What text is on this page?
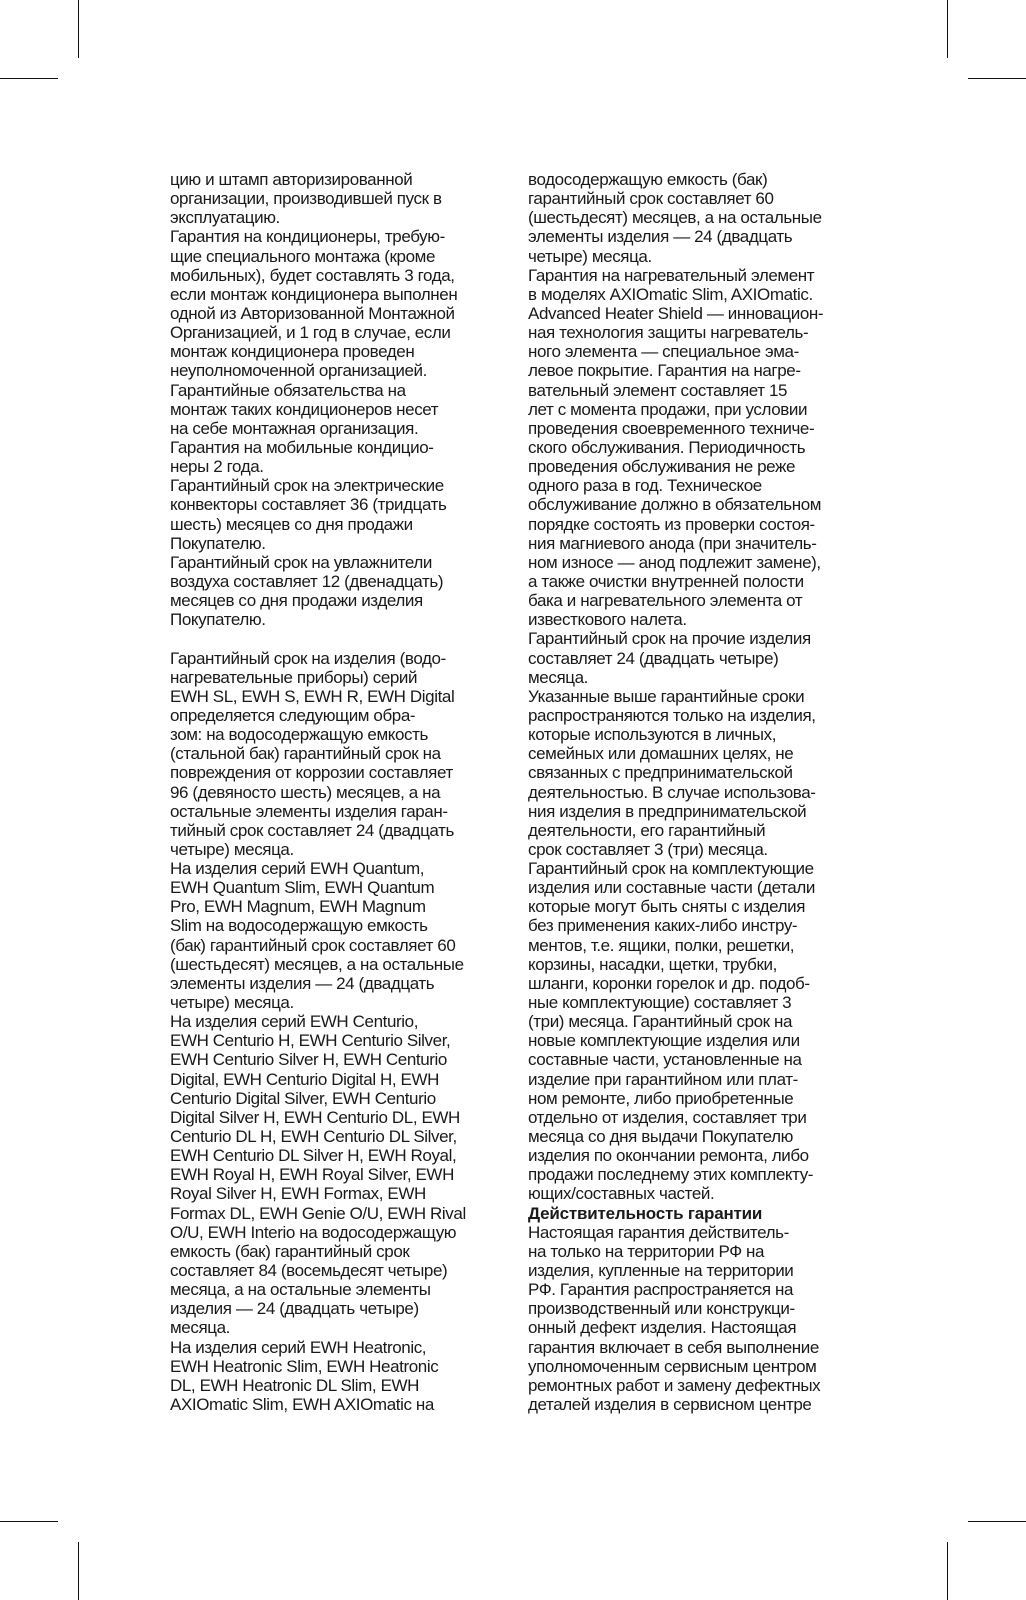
цию и штамп авторизированной
организации, производившей пуск в
эксплуатацию.
Гарантия на кондиционеры, требую-
щие специального монтажа (кроме
мобильных), будет составлять 3 года,
если монтаж кондиционера выполнен
одной из Авторизованной Монтажной
Организацией, и 1 год в случае, если
монтаж кондиционера проведен
неуполномоченной организацией.
Гарантийные обязательства на
монтаж таких кондиционеров несет
на себе монтажная организация.
Гарантия на мобильные кондицио-
неры 2 года.
Гарантийный срок на электрические
конвекторы составляет 36 (тридцать
шесть) месяцев со дня продажи
Покупателю.
Гарантийный срок на увлажнители
воздуха составляет 12 (двенадцать)
месяцев со дня продажи изделия
Покупателю.
Гарантийный срок на изделия (водо-
нагревательные приборы) серий
EWH SL, EWH S, EWH R, EWH Digital
определяется следующим обра-
зом: на водосодержащую емкость
(стальной бак) гарантийный срок на
повреждения от коррозии составляет
96 (девяносто шесть) месяцев, а на
остальные элементы изделия гаран-
тийный срок составляет 24 (двадцать
четыре) месяца.
На изделия серий EWH Quantum,
EWH Quantum Slim, EWH Quantum
Pro, EWH Magnum, EWH Magnum
Slim на водосодержащую емкость
(бак) гарантийный срок составляет 60
(шестьдесят) месяцев, а на остальные
элементы изделия — 24 (двадцать
четыре) месяца.
На изделия серий EWH Centurio,
EWH Centurio H, EWH Centurio Silver,
EWH Centurio Silver H, EWH Centurio
Digital, EWH Centurio Digital H, EWH
Centurio Digital Silver, EWH Centurio
Digital Silver H, EWH Centurio DL, EWH
Centurio DL H, EWH Centurio DL Silver,
EWH Centurio DL Silver H, EWH Royal,
EWH Royal H, EWH Royal Silver, EWH
Royal Silver H, EWH Formax, EWH
Formax DL, EWH Genie O/U, EWH Rival
O/U, EWH Interio на водосодержащую
емкость (бак) гарантийный срок
составляет 84 (восемьдесят четыре)
месяца, а на остальные элементы
изделия — 24 (двадцать четыре)
месяца.
На изделия серий EWH Heatronic,
EWH Heatronic Slim, EWH Heatronic
DL, EWH Heatronic DL Slim, EWH
AXIOmatic Slim, EWH AXIOmatic на
водосодержащую емкость (бак)
гарантийный срок составляет 60
(шестьдесят) месяцев, а на остальные
элементы изделия — 24 (двадцать
четыре) месяца.
Гарантия на нагревательный элемент
в моделях AXIOmatic Slim, AXIOmatic.
Advanced Heater Shield — инновацион-
ная технология защиты нагреватель-
ного элемента — специальное эма-
левое покрытие. Гарантия на нагре-
вательный элемент составляет 15
лет с момента продажи, при условии
проведения своевременного техниче-
ского обслуживания. Периодичность
проведения обслуживания не реже
одного раза в год. Техническое
обслуживание должно в обязательном
порядке состоять из проверки состоя-
ния магниевого анода (при значитель-
ном износе — анод подлежит замене),
а также очистки внутренней полости
бака и нагревательного элемента от
известкового налета.
Гарантийный срок на прочие изделия
составляет 24 (двадцать четыре)
месяца.
Указанные выше гарантийные сроки
распространяются только на изделия,
которые используются в личных,
семейных или домашних целях, не
связанных с предпринимательской
деятельностью. В случае использова-
ния изделия в предпринимательской
деятельности, его гарантийный
срок составляет 3 (три) месяца.
Гарантийный срок на комплектующие
изделия или составные части (детали
которые могут быть сняты с изделия
без применения каких-либо инстру-
ментов, т.е. ящики, полки, решетки,
корзины, насадки, щетки, трубки,
шланги, коронки горелок и др. подоб-
ные комплектующие) составляет 3
(три) месяца. Гарантийный срок на
новые комплектующие изделия или
составные части, установленные на
изделие при гарантийном или плат-
ном ремонте, либо приобретенные
отдельно от изделия, составляет три
месяца со дня выдачи Покупателю
изделия по окончании ремонта, либо
продажи последнему этих комплекту-
ющих/составных частей.
Действительность гарантии
Настоящая гарантия действитель-
на только на территории РФ на
изделия, купленные на территории
РФ. Гарантия распространяется на
производственный или конструкци-
онный дефект изделия. Настоящая
гарантия включает в себя выполнение
уполномоченным сервисным центром
ремонтных работ и замену дефектных
деталей изделия в сервисном центре
